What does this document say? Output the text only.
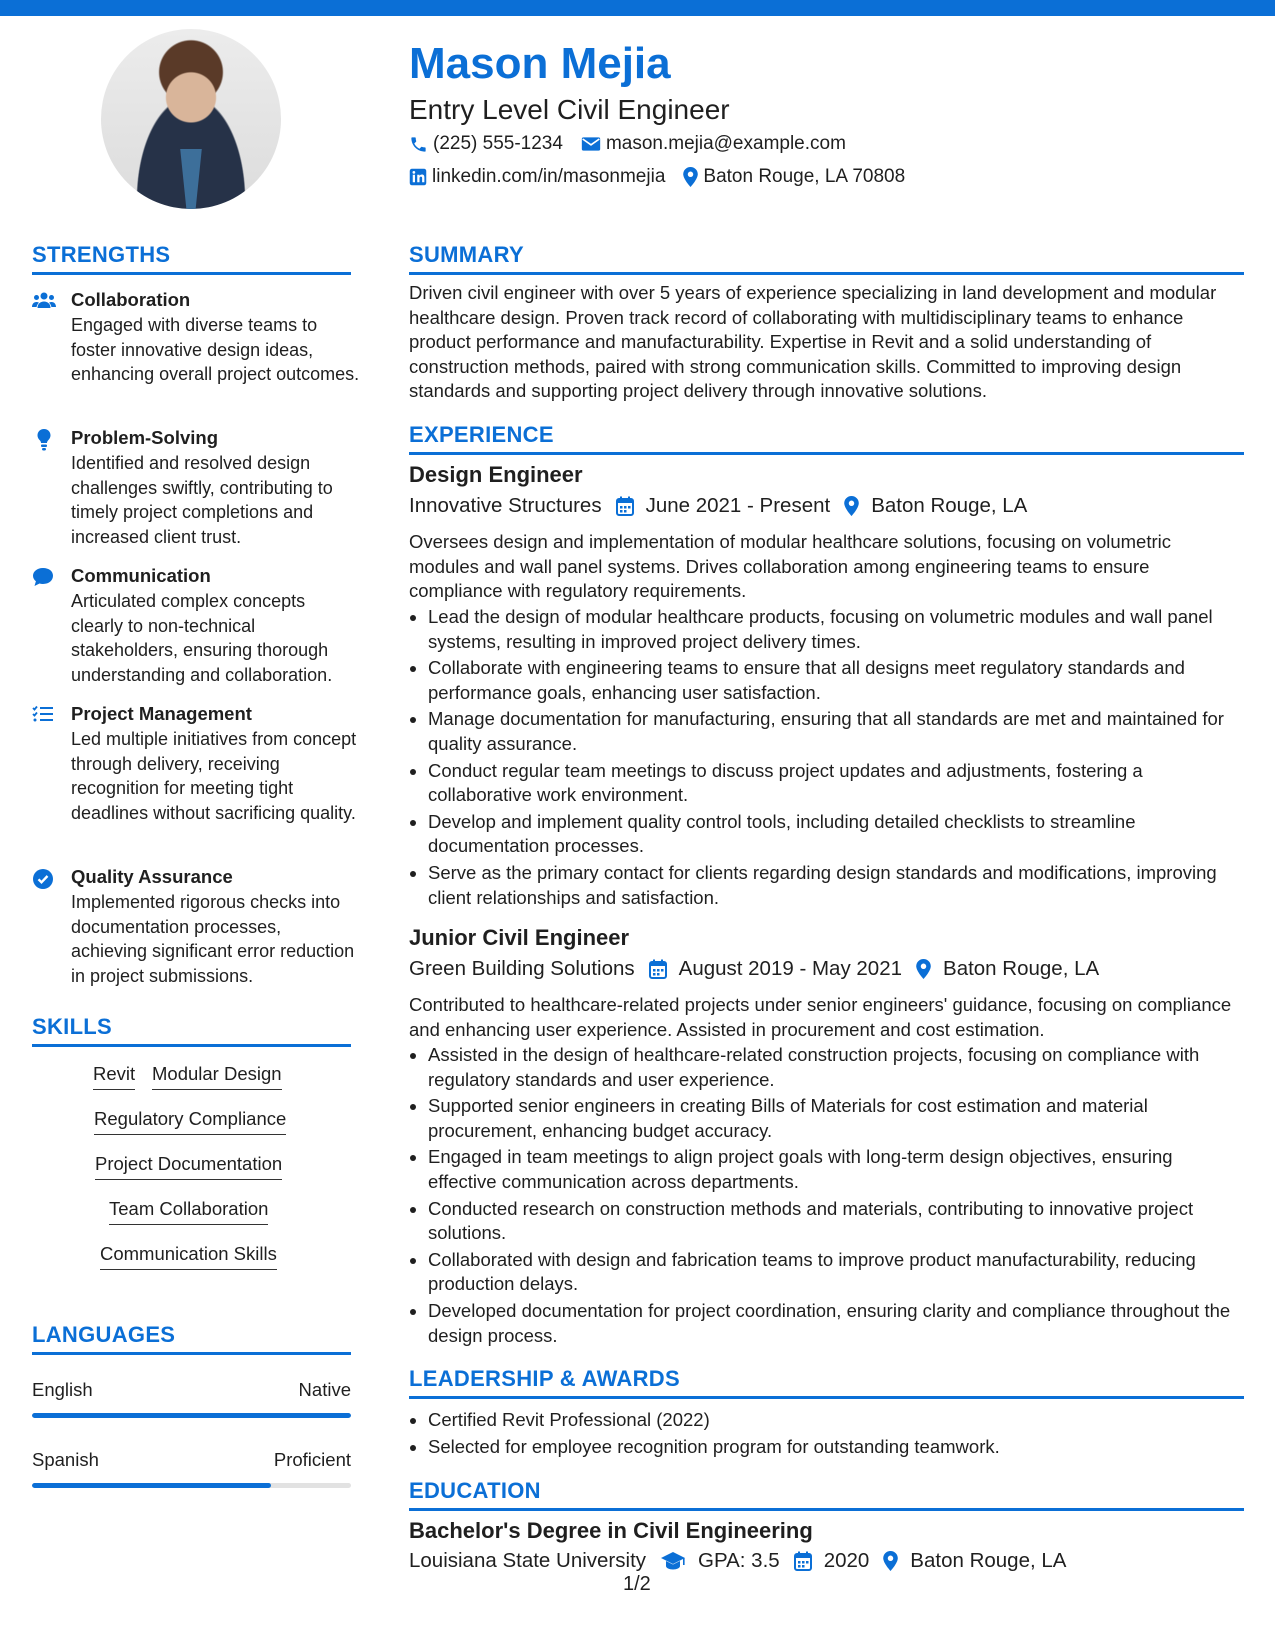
Mason Mejia
Entry Level Civil Engineer
(225) 555-1234 mason.mejia@example.com
linkedin.com/in/masonmejia Baton Rouge, LA 70808
STRENGTHS
Collaboration
Engaged with diverse teams to foster innovative design ideas, enhancing overall project outcomes.
Problem-Solving
Identified and resolved design challenges swiftly, contributing to timely project completions and increased client trust.
Communication
Articulated complex concepts clearly to non-technical stakeholders, ensuring thorough understanding and collaboration.
Project Management
Led multiple initiatives from concept through delivery, receiving recognition for meeting tight deadlines without sacrificing quality.
Quality Assurance
Implemented rigorous checks into documentation processes, achieving significant error reduction in project submissions.
SKILLS
Revit Modular Design
Regulatory Compliance
Project Documentation
Team Collaboration
Communication Skills
LANGUAGES
English	Native
Spanish	Proficient
SUMMARY
Driven civil engineer with over 5 years of experience specializing in land development and modular healthcare design. Proven track record of collaborating with multidisciplinary teams to enhance product performance and manufacturability. Expertise in Revit and a solid understanding of construction methods, paired with strong communication skills. Committed to improving design standards and supporting project delivery through innovative solutions.
EXPERIENCE
Design Engineer
Innovative Structures June 2021 - Present Baton Rouge, LA
Oversees design and implementation of modular healthcare solutions, focusing on volumetric modules and wall panel systems. Drives collaboration among engineering teams to ensure compliance with regulatory requirements.
Lead the design of modular healthcare products, focusing on volumetric modules and wall panel systems, resulting in improved project delivery times.
Collaborate with engineering teams to ensure that all designs meet regulatory standards and performance goals, enhancing user satisfaction.
Manage documentation for manufacturing, ensuring that all standards are met and maintained for quality assurance.
Conduct regular team meetings to discuss project updates and adjustments, fostering a collaborative work environment.
Develop and implement quality control tools, including detailed checklists to streamline documentation processes.
Serve as the primary contact for clients regarding design standards and modifications, improving client relationships and satisfaction.
Junior Civil Engineer
Green Building Solutions August 2019 - May 2021 Baton Rouge, LA
Contributed to healthcare-related projects under senior engineers' guidance, focusing on compliance and enhancing user experience. Assisted in procurement and cost estimation.
Assisted in the design of healthcare-related construction projects, focusing on compliance with regulatory standards and user experience.
Supported senior engineers in creating Bills of Materials for cost estimation and material procurement, enhancing budget accuracy.
Engaged in team meetings to align project goals with long-term design objectives, ensuring effective communication across departments.
Conducted research on construction methods and materials, contributing to innovative project solutions.
Collaborated with design and fabrication teams to improve product manufacturability, reducing production delays.
Developed documentation for project coordination, ensuring clarity and compliance throughout the design process.
LEADERSHIP & AWARDS
Certified Revit Professional (2022)
Selected for employee recognition program for outstanding teamwork.
EDUCATION
Bachelor's Degree in Civil Engineering
Louisiana State University	GPA: 3.5 2020 Baton Rouge, LA
1/2
